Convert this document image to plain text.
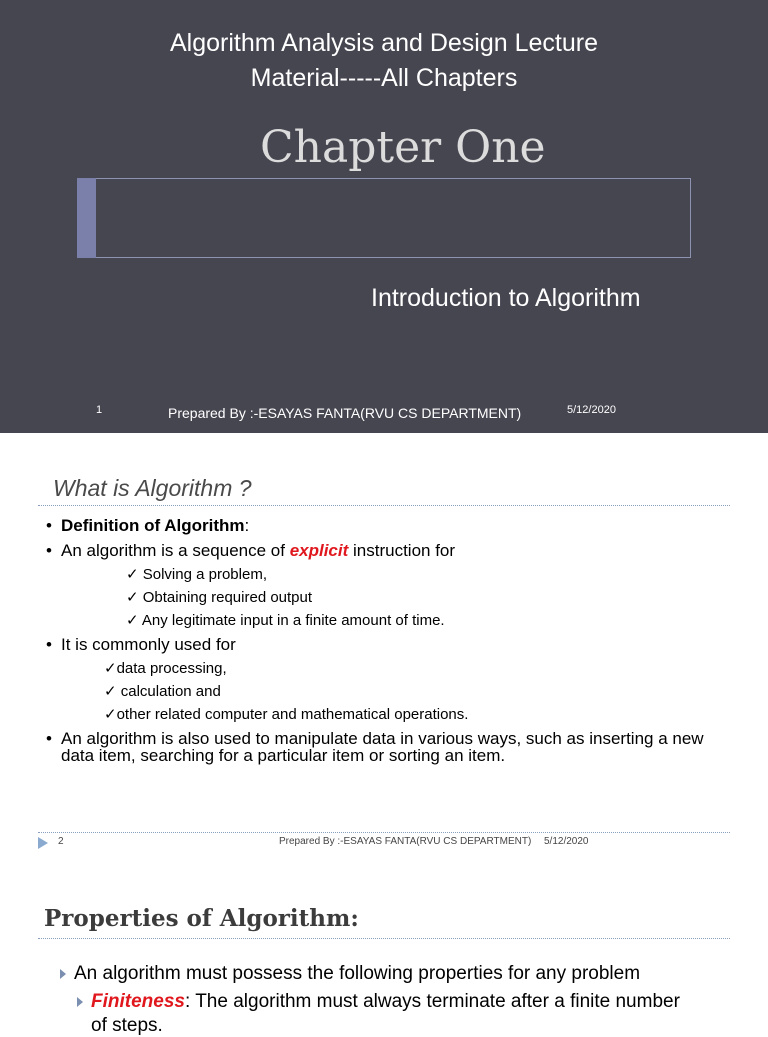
Algorithm Analysis and Design Lecture
Material-----All Chapters
Chapter One
Introduction to Algorithm
1	Prepared By :-ESAYAS FANTA(RVU CS DEPARTMENT)	5/12/2020
What is Algorithm ?
• Definition of Algorithm:
• An algorithm is a sequence of explicit instruction for
✓ Solving a problem,
✓ Obtaining required output
✓ Any legitimate input in a finite amount of time.
• It is commonly used for
✓data processing,
✓ calculation and
✓other related computer and mathematical operations.
• An algorithm is also used to manipulate data in various ways, such as inserting a new data item, searching for a particular item or sorting an item.
2	Prepared By :-ESAYAS FANTA(RVU CS DEPARTMENT) 5/12/2020
Properties of Algorithm:
An algorithm must possess the following properties for any problem
Finiteness: The algorithm must always terminate after a finite number
of steps.
